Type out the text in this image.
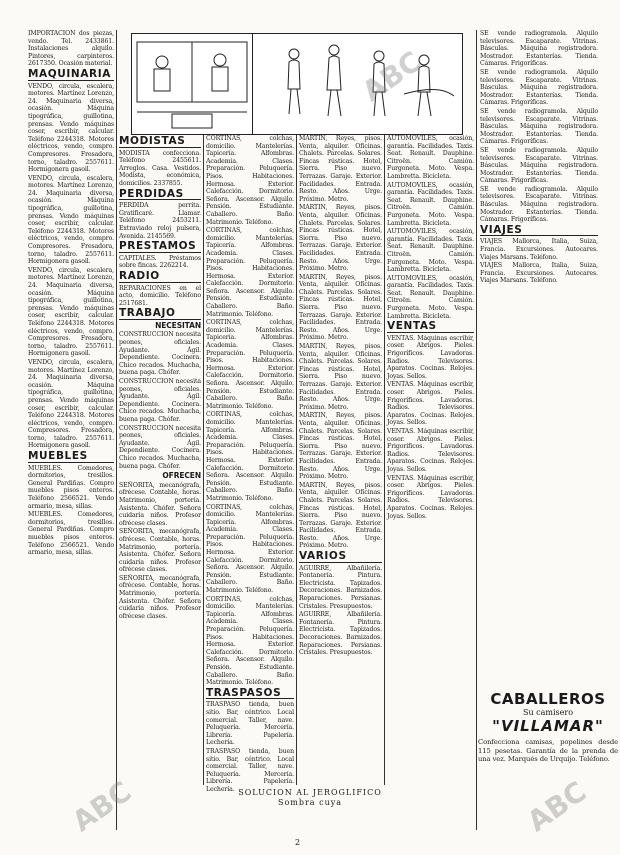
IMPORTACION dos piezas, vendo. Tel. 2433861. Instalaciones alquilo. Pintores, carpinteros. 2617350. Ocasión material.

MAQUINARIA

VENDO, circula, escalera, motores. Martínez Lorenzo, 24. Maquinaria diversa, ocasión. Máquina tipográfica, guillotina, prensas. Vendo máquinas coser, escribir, calcular. Teléfono 2244318. Motores eléctricos, vendo, compro. Compresores. Fresadora, torno, taladro. 2557611. Hormigonera gasoil.

VENDO, circula, escalera, motores. Martínez Lorenzo, 24. Maquinaria diversa, ocasión. Máquina tipográfica, guillotina, prensas. Vendo máquinas coser, escribir, calcular. Teléfono 2244318. Motores eléctricos, vendo, compro. Compresores. Fresadora, torno, taladro. 2557611. Hormigonera gasoil.

VENDO, circula, escalera, motores. Martínez Lorenzo, 24. Maquinaria diversa, ocasión. Máquina tipográfica, guillotina, prensas. Vendo máquinas coser, escribir, calcular. Teléfono 2244318. Motores eléctricos, vendo, compro. Compresores. Fresadora, torno, taladro. 2557611. Hormigonera gasoil.

VENDO, circula, escalera, motores. Martínez Lorenzo, 24. Maquinaria diversa, ocasión. Máquina tipográfica, guillotina, prensas. Vendo máquinas coser, escribir, calcular. Teléfono 2244318. Motores eléctricos, vendo, compro. Compresores. Fresadora, torno, taladro. 2557611. Hormigonera gasoil.

MUEBLES

MUEBLES. Comedores, dormitorios, tresillos. General Pardiñas. Compro muebles pisos enteros. Teléfono 2566521. Vendo armario, mesa, sillas.

MUEBLES. Comedores, dormitorios, tresillos. General Pardiñas. Compro muebles pisos enteros. Teléfono 2566521. Vendo armario, mesa, sillas.

MODISTAS

MODISTA confecciona. Teléfono 2455611. Arreglos. Casa. Vestidos. Modista, económica, domicilios. 2337855.

PERDIDAS

PERDIDA perrita. Gratificaré. Llamar. Teléfono 2453211. Extraviado reloj pulsera, Avenida. 2145569.

PRESTAMOS

CAPITALES. Préstamos sobre fincas. 2262214.

RADIO

REPARACIONES en el acto, domicilio. Teléfono 2517681.

TRABAJO
NECESITAN

CONSTRUCCION necesita peones, oficiales. Ayudante. Ágil. Dependiente. Cocinera. Chico recados. Muchacha, buena paga. Chófer.

CONSTRUCCION necesita peones, oficiales. Ayudante. Ágil. Dependiente. Cocinera. Chico recados. Muchacha, buena paga. Chófer.

CONSTRUCCION necesita peones, oficiales. Ayudante. Ágil. Dependiente. Cocinera. Chico recados. Muchacha, buena paga. Chófer.

OFRECEN

SEÑORITA, mecanógrafa, ofrécese. Contable, horas. Matrimonio, portería. Asistenta. Chófer. Señora cuidaría niños. Profesor ofrécese clases.

SEÑORITA, mecanógrafa, ofrécese. Contable, horas. Matrimonio, portería. Asistenta. Chófer. Señora cuidaría niños. Profesor ofrécese clases.

SEÑORITA, mecanógrafa, ofrécese. Contable, horas. Matrimonio, portería. Asistenta. Chófer. Señora cuidaría niños. Profesor ofrécese clases.

CORTINAS, colchas, domicilio. Mantelerías. Tapicería. Alfombras. Academia. Clases. Preparación. Peluquería. Pisos. Habitaciones. Hermosa. Exterior. Calefacción. Dormitorio. Señora. Ascensor. Alquilo. Pensión. Estudiante. Caballero. Baño. Matrimonio. Teléfono.

CORTINAS, colchas, domicilio. Mantelerías. Tapicería. Alfombras. Academia. Clases. Preparación. Peluquería. Pisos. Habitaciones. Hermosa. Exterior. Calefacción. Dormitorio. Señora. Ascensor. Alquilo. Pensión. Estudiante. Caballero. Baño. Matrimonio. Teléfono.

CORTINAS, colchas, domicilio. Mantelerías. Tapicería. Alfombras. Academia. Clases. Preparación. Peluquería. Pisos. Habitaciones. Hermosa. Exterior. Calefacción. Dormitorio. Señora. Ascensor. Alquilo. Pensión. Estudiante. Caballero. Baño. Matrimonio. Teléfono.

CORTINAS, colchas, domicilio. Mantelerías. Tapicería. Alfombras. Academia. Clases. Preparación. Peluquería. Pisos. Habitaciones. Hermosa. Exterior. Calefacción. Dormitorio. Señora. Ascensor. Alquilo. Pensión. Estudiante. Caballero. Baño. Matrimonio. Teléfono.

CORTINAS, colchas, domicilio. Mantelerías. Tapicería. Alfombras. Academia. Clases. Preparación. Peluquería. Pisos. Habitaciones. Hermosa. Exterior. Calefacción. Dormitorio. Señora. Ascensor. Alquilo. Pensión. Estudiante. Caballero. Baño. Matrimonio. Teléfono.

CORTINAS, colchas, domicilio. Mantelerías. Tapicería. Alfombras. Academia. Clases. Preparación. Peluquería. Pisos. Habitaciones. Hermosa. Exterior. Calefacción. Dormitorio. Señora. Ascensor. Alquilo. Pensión. Estudiante. Caballero. Baño. Matrimonio. Teléfono.

TRASPASOS

TRASPASO tienda, buen sitio. Bar, céntrico. Local comercial. Taller, nave. Peluquería. Mercería. Librería. Papelería. Lechería.

TRASPASO tienda, buen sitio. Bar, céntrico. Local comercial. Taller, nave. Peluquería. Mercería. Librería. Papelería. Lechería.

MARTIN, Reyes, pisos. Venta, alquiler. Oficinas. Chalets. Parcelas. Solares. Fincas rústicas. Hotel, Sierra. Piso nuevo. Terrazas. Garaje. Exterior. Facilidades. Entrada. Resto. Años. Urge. Próximo. Metro.

MARTIN, Reyes, pisos. Venta, alquiler. Oficinas. Chalets. Parcelas. Solares. Fincas rústicas. Hotel, Sierra. Piso nuevo. Terrazas. Garaje. Exterior. Facilidades. Entrada. Resto. Años. Urge. Próximo. Metro.

MARTIN, Reyes, pisos. Venta, alquiler. Oficinas. Chalets. Parcelas. Solares. Fincas rústicas. Hotel, Sierra. Piso nuevo. Terrazas. Garaje. Exterior. Facilidades. Entrada. Resto. Años. Urge. Próximo. Metro.

MARTIN, Reyes, pisos. Venta, alquiler. Oficinas. Chalets. Parcelas. Solares. Fincas rústicas. Hotel, Sierra. Piso nuevo. Terrazas. Garaje. Exterior. Facilidades. Entrada. Resto. Años. Urge. Próximo. Metro.

MARTIN, Reyes, pisos. Venta, alquiler. Oficinas. Chalets. Parcelas. Solares. Fincas rústicas. Hotel, Sierra. Piso nuevo. Terrazas. Garaje. Exterior. Facilidades. Entrada. Resto. Años. Urge. Próximo. Metro.

MARTIN, Reyes, pisos. Venta, alquiler. Oficinas. Chalets. Parcelas. Solares. Fincas rústicas. Hotel, Sierra. Piso nuevo. Terrazas. Garaje. Exterior. Facilidades. Entrada. Resto. Años. Urge. Próximo. Metro.

VARIOS

AGUIRRE, Albañilería. Fontanería. Pintura. Electricista. Tapizados. Decoraciones. Barnizados. Reparaciones. Persianas. Cristales. Presupuestos.

AGUIRRE, Albañilería. Fontanería. Pintura. Electricista. Tapizados. Decoraciones. Barnizados. Reparaciones. Persianas. Cristales. Presupuestos.

AUTOMOVILES, ocasión, garantía. Facilidades. Taxis. Seat. Renault. Dauphine. Citroën. Camión. Furgoneta. Moto. Vespa. Lambretta. Bicicleta.

AUTOMOVILES, ocasión, garantía. Facilidades. Taxis. Seat. Renault. Dauphine. Citroën. Camión. Furgoneta. Moto. Vespa. Lambretta. Bicicleta.

AUTOMOVILES, ocasión, garantía. Facilidades. Taxis. Seat. Renault. Dauphine. Citroën. Camión. Furgoneta. Moto. Vespa. Lambretta. Bicicleta.

AUTOMOVILES, ocasión, garantía. Facilidades. Taxis. Seat. Renault. Dauphine. Citroën. Camión. Furgoneta. Moto. Vespa. Lambretta. Bicicleta.

VENTAS

VENTAS. Máquinas escribir, coser. Abrigos. Pieles. Frigoríficos. Lavadoras. Radios. Televisores. Aparatos. Cocinas. Relojes. Joyas. Sellos.

VENTAS. Máquinas escribir, coser. Abrigos. Pieles. Frigoríficos. Lavadoras. Radios. Televisores. Aparatos. Cocinas. Relojes. Joyas. Sellos.

VENTAS. Máquinas escribir, coser. Abrigos. Pieles. Frigoríficos. Lavadoras. Radios. Televisores. Aparatos. Cocinas. Relojes. Joyas. Sellos.

VENTAS. Máquinas escribir, coser. Abrigos. Pieles. Frigoríficos. Lavadoras. Radios. Televisores. Aparatos. Cocinas. Relojes. Joyas. Sellos.

SE vende radiogramola. Alquilo televisores. Escaparate. Vitrinas. Básculas. Máquina registradora. Mostrador. Estanterías. Tienda. Cámaras. Frigoríficas.

SE vende radiogramola. Alquilo televisores. Escaparate. Vitrinas. Básculas. Máquina registradora. Mostrador. Estanterías. Tienda. Cámaras. Frigoríficas.

SE vende radiogramola. Alquilo televisores. Escaparate. Vitrinas. Básculas. Máquina registradora. Mostrador. Estanterías. Tienda. Cámaras. Frigoríficas.

SE vende radiogramola. Alquilo televisores. Escaparate. Vitrinas. Básculas. Máquina registradora. Mostrador. Estanterías. Tienda. Cámaras. Frigoríficas.

SE vende radiogramola. Alquilo televisores. Escaparate. Vitrinas. Básculas. Máquina registradora. Mostrador. Estanterías. Tienda. Cámaras. Frigoríficas.

VIAJES

VIAJES Mallorca, Italia, Suiza, Francia. Excursiones. Autocares. Viajes Marsans. Teléfono.

VIAJES Mallorca, Italia, Suiza, Francia. Excursiones. Autocares. Viajes Marsans. Teléfono.

CABALLEROS
Su camisero
"VILLAMAR"
Confecciona camisas, popelines desde 115 pesetas. Garantía de la prenda de una vez. Marqués de Urquijo. Teléfono.
SOLUCION AL JEROGLIFICO
Sombra cuya
2
ABC
ABC	ABC
